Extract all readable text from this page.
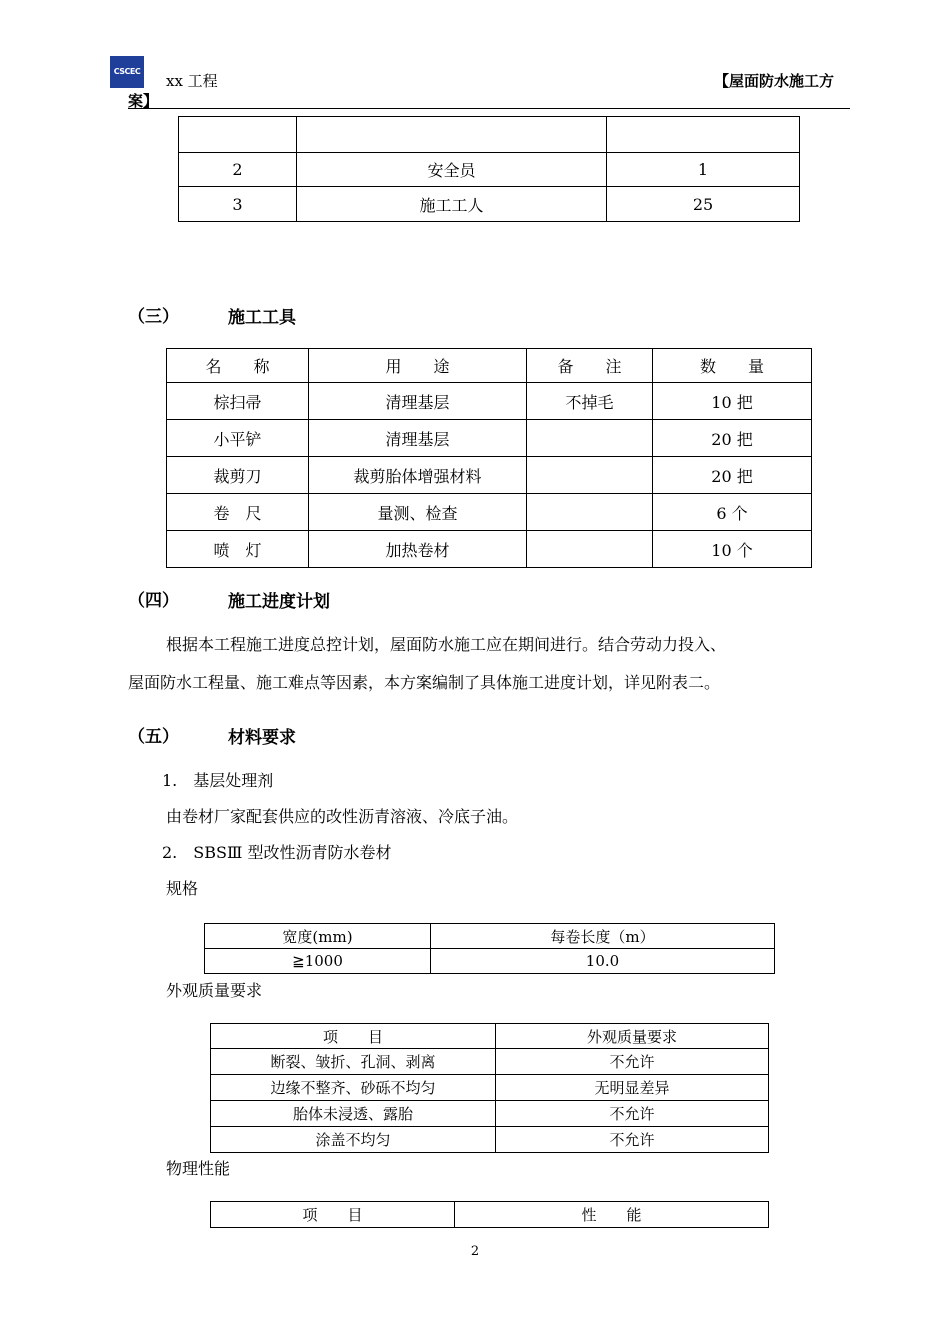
CSCEC
xx 工程	【屋面防水施工方
案】

2	安全员	1
3	施工工人	25
（三）	施工工具
名　　称	用　　途	备　　注	数　　量
棕扫帚	清理基层	不掉毛	10 把
小平铲	清理基层		20 把
裁剪刀	裁剪胎体增强材料		20 把
卷　尺	量测、检查		6 个
喷　灯	加热卷材		10 个
（四）	施工进度计划
根据本工程施工进度总控计划，屋面防水施工应在期间进行。结合劳动力投入、
屋面防水工程量、施工难点等因素，本方案编制了具体施工进度计划，详见附表二。
（五）	材料要求
1.　基层处理剂
由卷材厂家配套供应的改性沥青溶液、冷底子油。
2.　SBSⅢ 型改性沥青防水卷材
规格
宽度(mm)	每卷长度（m）
≧1000	10.0
外观质量要求
项　　目	外观质量要求
断裂、皱折、孔洞、剥离	不允许
边缘不整齐、砂砾不均匀	无明显差异
胎体未浸透、露胎	不允许
涂盖不均匀	不允许
物理性能
项　　目	性　　能
2
